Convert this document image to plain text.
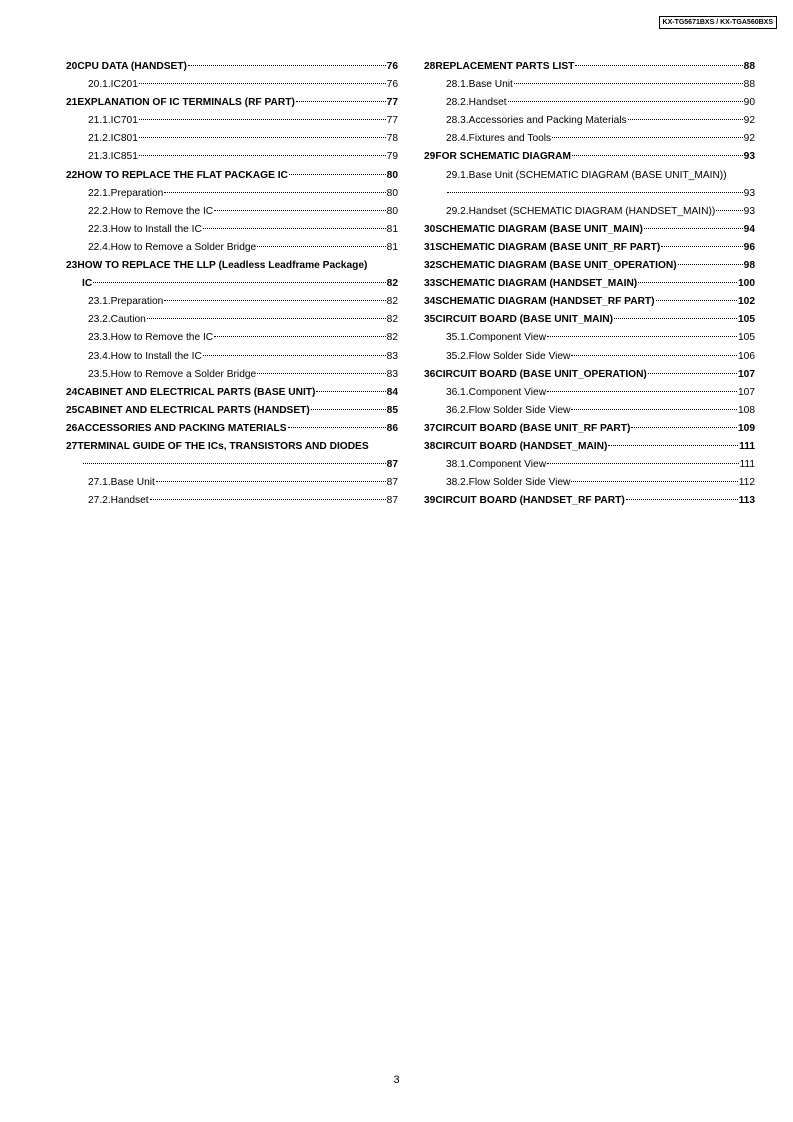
KX-TG5671BXS / KX-TGA560BXS
20 CPU DATA (HANDSET)	76
20.1. IC201	76
21 EXPLANATION OF IC TERMINALS (RF PART)	77
21.1. IC701	77
21.2. IC801	78
21.3. IC851	79
22 HOW TO REPLACE THE FLAT PACKAGE IC	80
22.1. Preparation	80
22.2. How to Remove the IC	80
22.3. How to Install the IC	81
22.4. How to Remove a Solder Bridge	81
23 HOW TO REPLACE THE LLP (Leadless Leadframe Package)
IC	82
23.1. Preparation	82
23.2. Caution	82
23.3. How to Remove the IC	82
23.4. How to Install the IC	83
23.5. How to Remove a Solder Bridge	83
24 CABINET AND ELECTRICAL PARTS (BASE UNIT)	84
25 CABINET AND ELECTRICAL PARTS (HANDSET)	85
26 ACCESSORIES AND PACKING MATERIALS	86
27 TERMINAL GUIDE OF THE ICs, TRANSISTORS AND DIODES
87
27.1. Base Unit	87
27.2. Handset	87
28 REPLACEMENT PARTS LIST	88
28.1. Base Unit	88
28.2. Handset	90
28.3. Accessories and Packing Materials	92
28.4. Fixtures and Tools	92
29 FOR SCHEMATIC DIAGRAM	93
29.1. Base Unit (SCHEMATIC DIAGRAM (BASE UNIT_MAIN))
93
29.2. Handset (SCHEMATIC DIAGRAM (HANDSET_MAIN))	93
30 SCHEMATIC DIAGRAM (BASE UNIT_MAIN)	94
31 SCHEMATIC DIAGRAM (BASE UNIT_RF PART)	96
32 SCHEMATIC DIAGRAM (BASE UNIT_OPERATION)	98
33 SCHEMATIC DIAGRAM (HANDSET_MAIN)	100
34 SCHEMATIC DIAGRAM (HANDSET_RF PART)	102
35 CIRCUIT BOARD (BASE UNIT_MAIN)	105
35.1. Component View	105
35.2. Flow Solder Side View	106
36 CIRCUIT BOARD (BASE UNIT_OPERATION)	107
36.1. Component View	107
36.2. Flow Solder Side View	108
37 CIRCUIT BOARD (BASE UNIT_RF PART)	109
38 CIRCUIT BOARD (HANDSET_MAIN)	111
38.1. Component View	111
38.2. Flow Solder Side View	112
39 CIRCUIT BOARD (HANDSET_RF PART)	113
3
